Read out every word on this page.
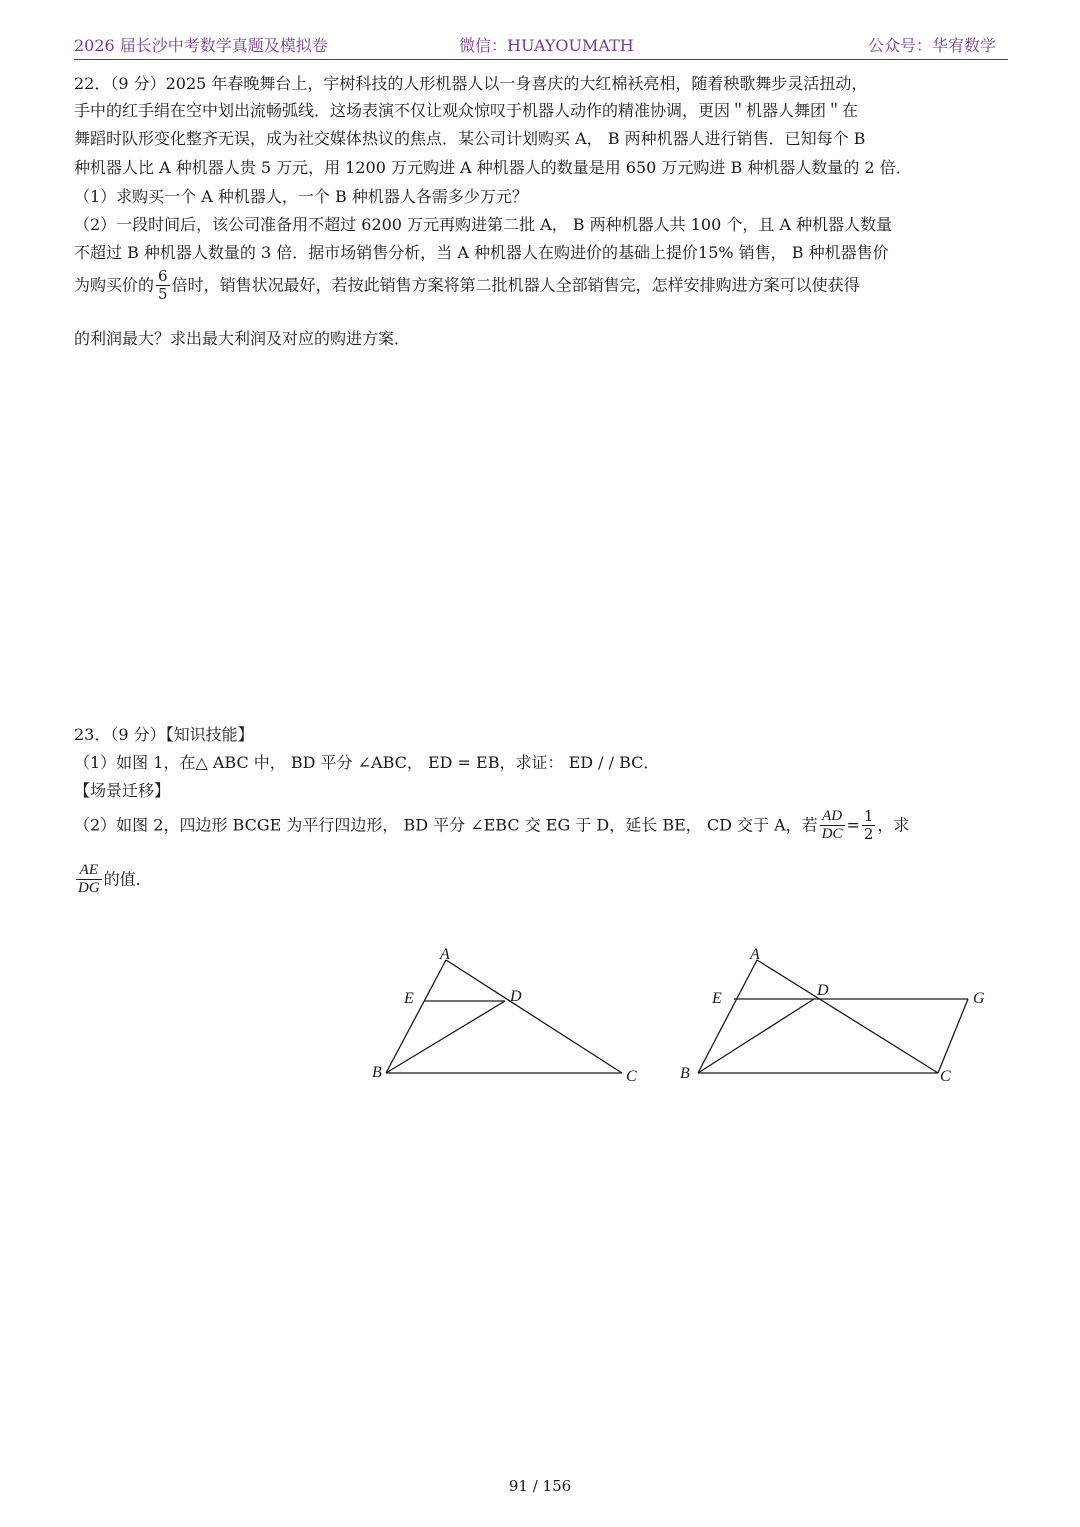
2026 届长沙中考数学真题及模拟卷	微信：HUAYOUMATH	公众号：华宥数学
22．（9 分）2025 年春晚舞台上，宇树科技的人形机器人以一身喜庆的大红棉袄亮相，随着秧歌舞步灵活扭动，
手中的红手绢在空中划出流畅弧线．这场表演不仅让观众惊叹于机器人动作的精准协调，更因＂机器人舞团＂在
舞蹈时队形变化整齐无误，成为社交媒体热议的焦点．某公司计划购买 A， B 两种机器人进行销售．已知每个 B
种机器人比 A 种机器人贵 5 万元，用 1200 万元购进 A 种机器人的数量是用 650 万元购进 B 种机器人数量的 2 倍．
（1）求购买一个 A 种机器人，一个 B 种机器人各需多少万元？
（2）一段时间后，该公司准备用不超过 6200 万元再购进第二批 A， B 两种机器人共 100 个，且 A 种机器人数量
不超过 B 种机器人数量的 3 倍．据市场销售分析，当 A 种机器人在购进价的基础上提价15% 销售， B 种机器售价
为购买价的 $\frac{6}{5}$ 倍时，销售状况最好，若按此销售方案将第二批机器人全部销售完，怎样安排购进方案可以使获得
的利润最大？求出最大利润及对应的购进方案．
23．（9 分）【知识技能】
（1）如图 1，在△ ABC 中， BD 平分 ∠ABC， ED = EB，求证： ED / / BC．
【场景迁移】
（2）如图 2，四边形 BCGE 为平行四边形， BD 平分 ∠EBC 交 EG 于 D，延长 BE， CD 交于 A，若 $\frac{AD}{DC} = \frac{1}{2}$ ，求
$\frac{AE}{DG}$ 的值．
A
E	D
B	C
A
E	D	G
B	C
91 / 156
